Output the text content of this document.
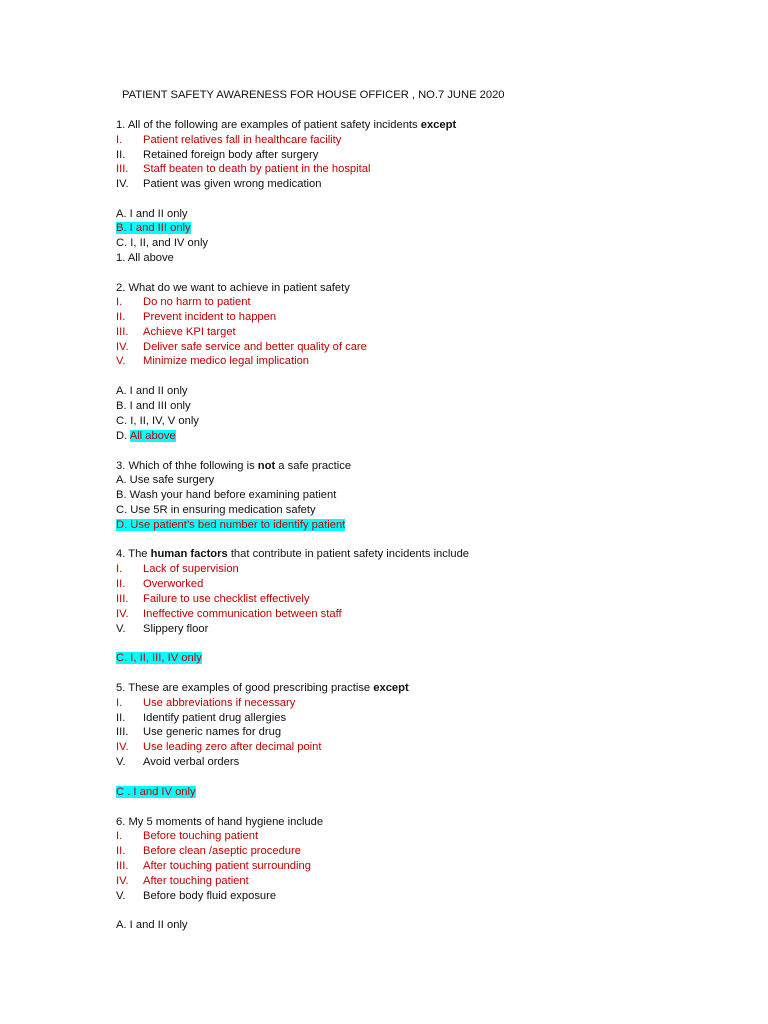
PATIENT SAFETY AWARENESS FOR HOUSE OFFICER , NO.7 JUNE 2020
1. All of the following are examples of patient safety incidents except
I. Patient relatives fall in healthcare facility
II. Retained foreign body after surgery
III. Staff beaten to death by patient in the hospital
IV. Patient was given wrong medication
A. I and II only
B. I and III only
C. I, II, and IV only
1. All above
2. What do we want to achieve in patient safety
I. Do no harm to patient
II. Prevent incident to happen
III. Achieve KPI target
IV. Deliver safe service and better quality of care
V. Minimize medico legal implication
A. I and II only
B. I and III only
C. I, II, IV, V only
D. All above
3. Which of thhe following is not a safe practice
A. Use safe surgery
B. Wash your hand before examining patient
C. Use 5R in ensuring medication safety
D. Use patient’s bed number to identify patient
4. The human factors that contribute in patient safety incidents include
I. Lack of supervision
II. Overworked
III. Failure to use checklist effectively
IV. Ineffective communication between staff
V. Slippery floor
C. I, II, III, IV only
5. These are examples of good prescribing practise except
I. Use abbreviations if necessary
II. Identify patient drug allergies
III. Use generic names for drug
IV. Use leading zero after decimal point
V. Avoid verbal orders
C . I and IV only
6. My 5 moments of hand hygiene include
I. Before touching patient
II. Before clean /aseptic procedure
III. After touching patient surrounding
IV. After touching patient
V. Before body fluid exposure
A. I and II only
